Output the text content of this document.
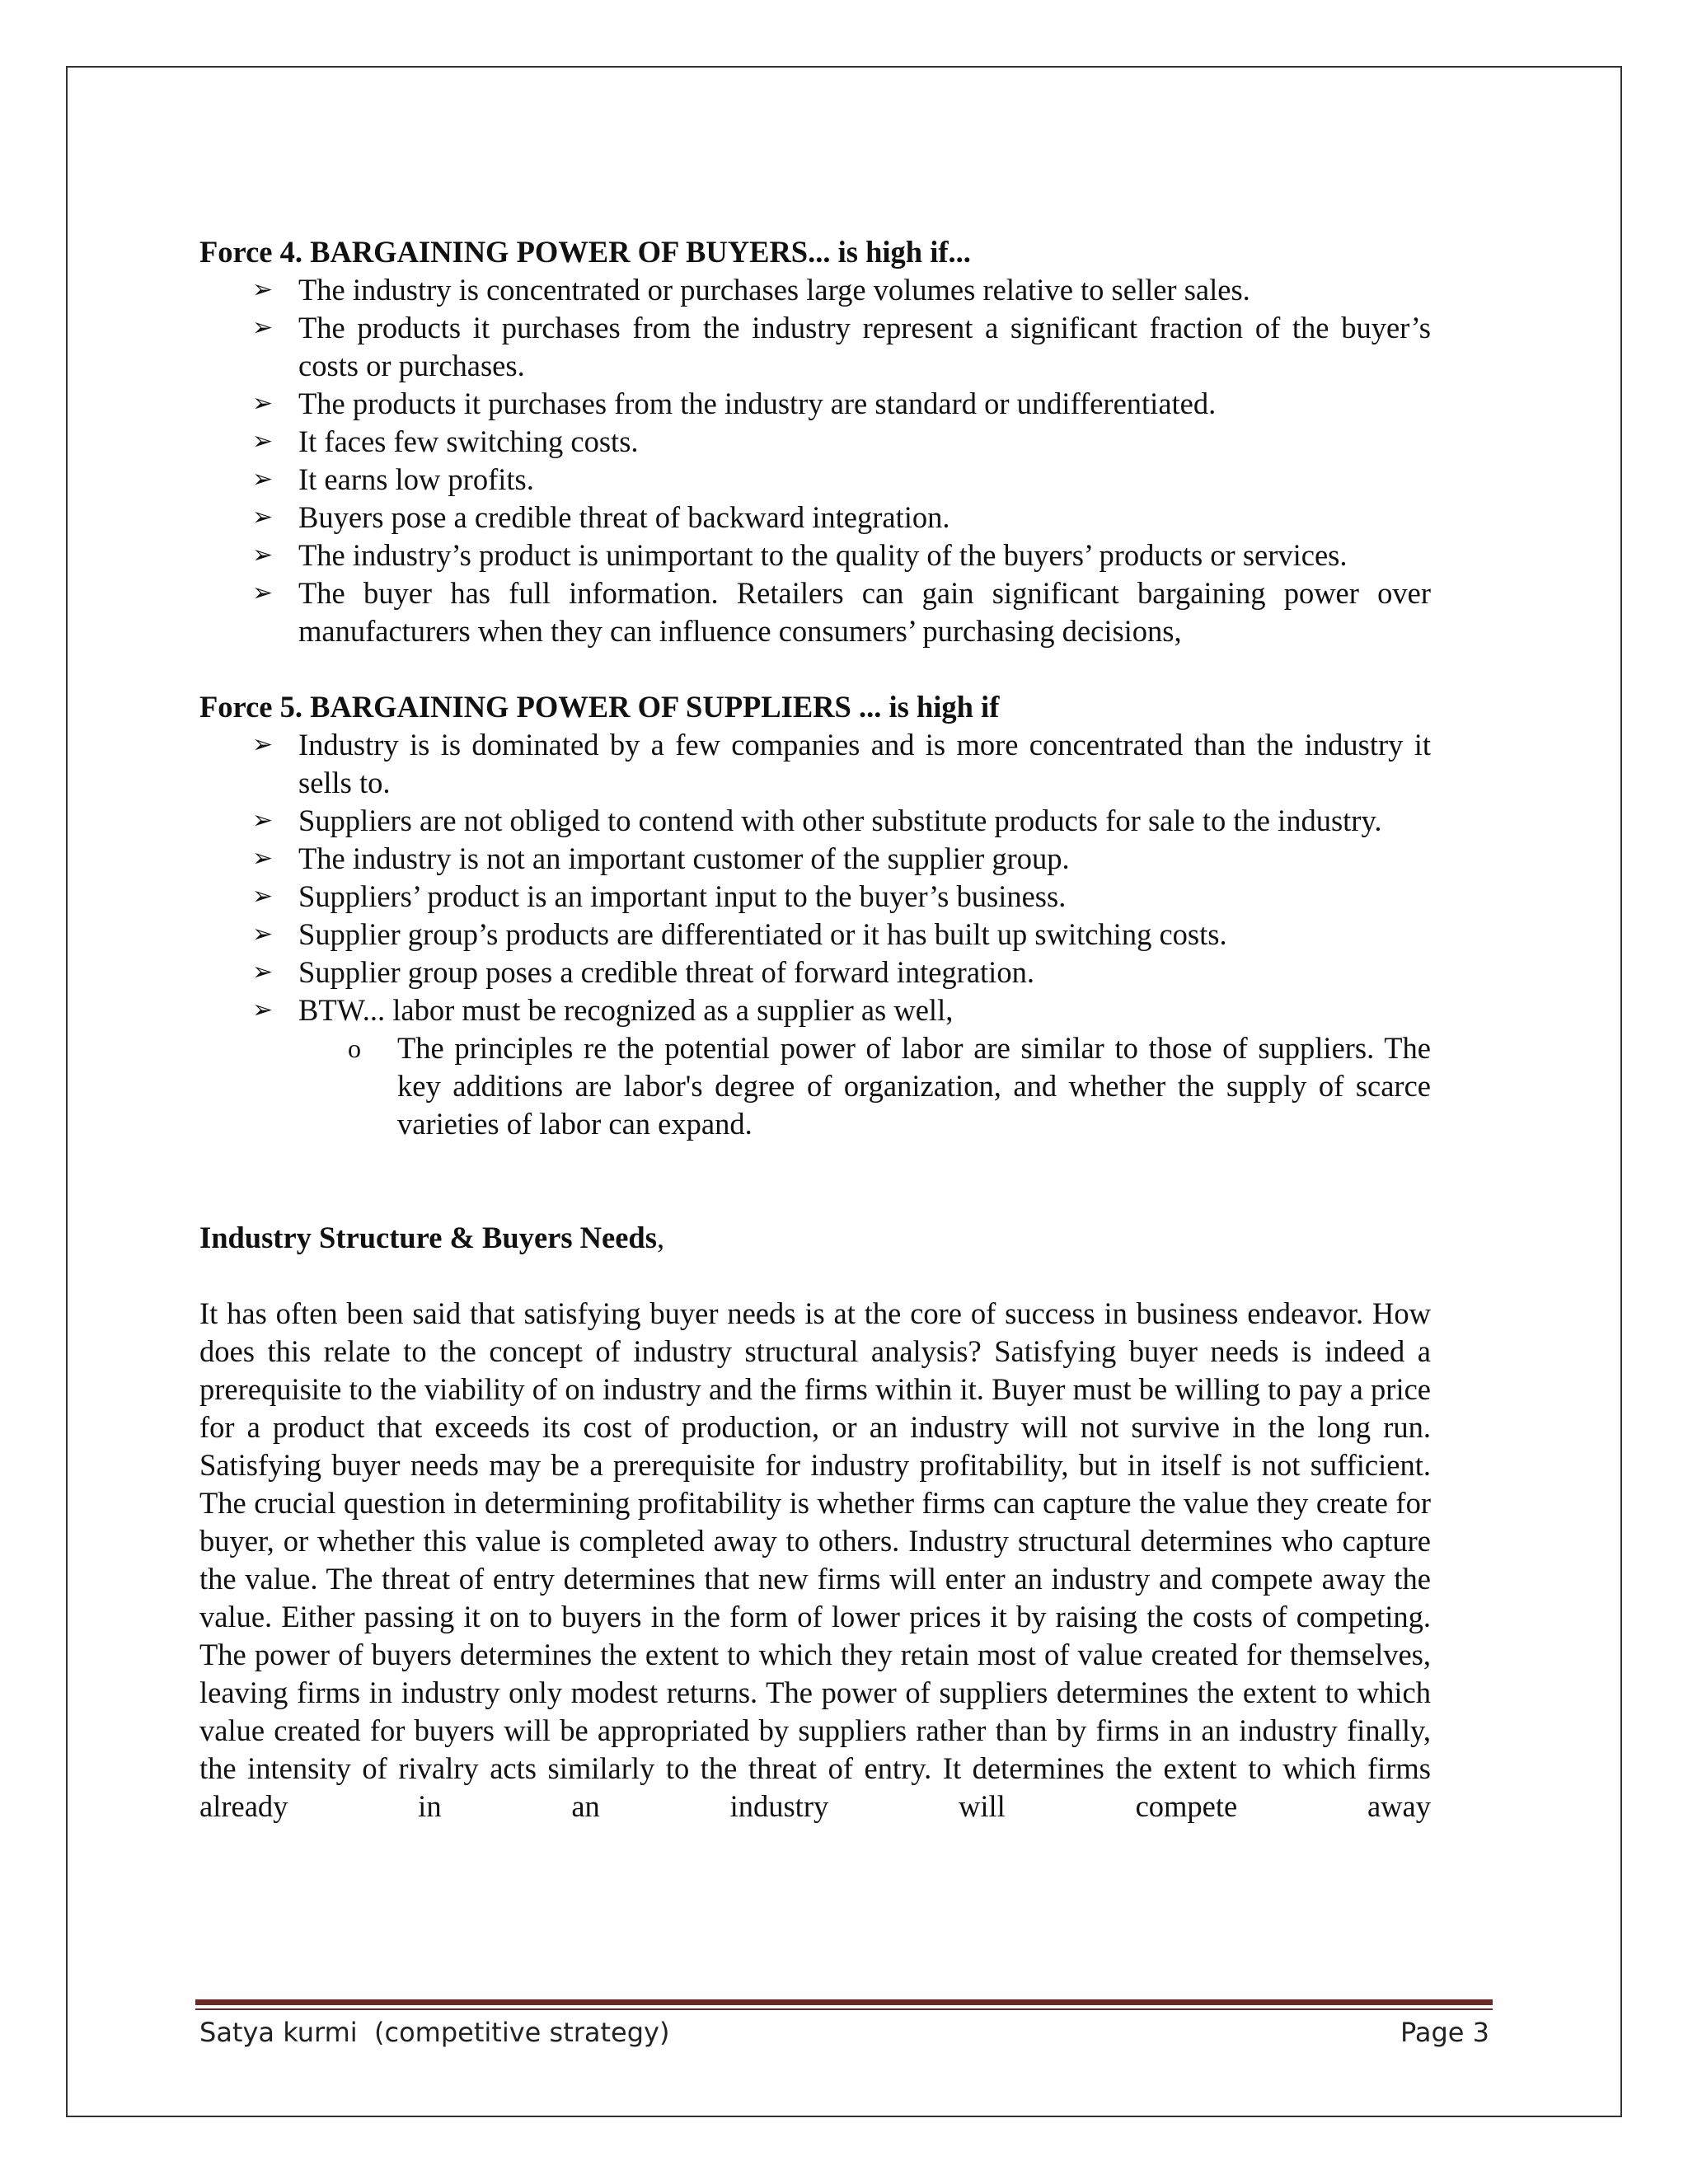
Force 4. BARGAINING POWER OF BUYERS... is high if...

➢ The industry is concentrated or purchases large volumes relative to seller sales.
➢ The products it purchases from the industry represent a significant fraction of the buyer’s costs or purchases.
➢ The products it purchases from the industry are standard or undifferentiated.
➢ It faces few switching costs.
➢ It earns low profits.
➢ Buyers pose a credible threat of backward integration.
➢ The industry’s product is unimportant to the quality of the buyers’ products or services.
➢ The buyer has full information. Retailers can gain significant bargaining power over manufacturers when they can influence consumers’ purchasing decisions,

Force 5. BARGAINING POWER OF SUPPLIERS ... is high if

➢ Industry is is dominated by a few companies and is more concentrated than the industry it sells to.
➢ Suppliers are not obliged to contend with other substitute products for sale to the industry.
➢ The industry is not an important customer of the supplier group.
➢ Suppliers’ product is an important input to the buyer’s business.
➢ Supplier group’s products are differentiated or it has built up switching costs.
➢ Supplier group poses a credible threat of forward integration.
➢ BTW... labor must be recognized as a supplier as well,
o The principles re the potential power of labor are similar to those of suppliers. The key additions are labor's degree of organization, and whether the supply of scarce varieties of labor can expand.

Industry Structure & Buyers Needs,

It has often been said that satisfying buyer needs is at the core of success in business endeavor. How does this relate to the concept of industry structural analysis? Satisfying buyer needs is indeed a prerequisite to the viability of on industry and the firms within it. Buyer must be willing to pay a price for a product that exceeds its cost of production, or an industry will not survive in the long run. Satisfying buyer needs may be a prerequisite for industry profitability, but in itself is not sufficient. The crucial question in determining profitability is whether firms can capture the value they create for buyer, or whether this value is completed away to others. Industry structural determines who capture the value. The threat of entry determines that new firms will enter an industry and compete away the value. Either passing it on to buyers in the form of lower prices it by raising the costs of competing. The power of buyers determines the extent to which they retain most of value created for themselves, leaving firms in industry only modest returns. The power of suppliers determines the extent to which value created for buyers will be appropriated by suppliers rather than by firms in an industry finally, the intensity of rivalry acts similarly to the threat of entry. It determines the extent to which firms already in an industry will compete away

Satya kurmi  (competitive strategy)	Page 3
